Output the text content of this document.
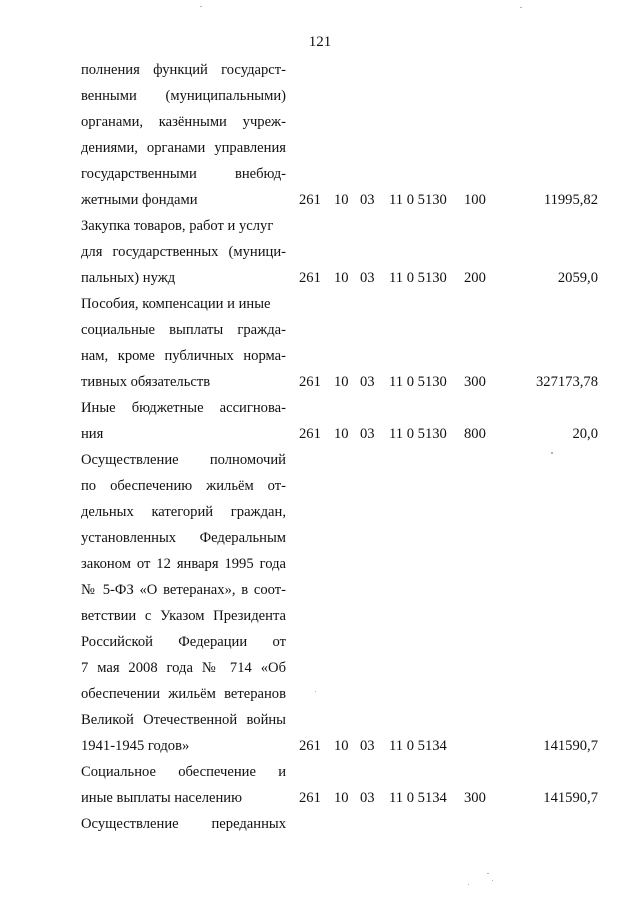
121
полнения функций государст-
венными (муниципальными)
органами, казёнными учреж-
дениями, органами управления
государственными внебюд-
жетными фондами	261 10 03 11 0 5130 100	11995,82
Закупка товаров, работ и услуг
для государственных (муници-
пальных) нужд	261 10 03 11 0 5130 200	2059,0
Пособия, компенсации и иные
социальные выплаты гражда-
нам, кроме публичных норма-
тивных обязательств	261 10 03 11 0 5130 300	327173,78
Иные бюджетные ассигнова-
ния	261 10 03 11 0 5130 800	20,0
Осуществление полномочий
по обеспечению жильём от-
дельных категорий граждан,
установленных Федеральным
законом от 12 января 1995 года
№ 5-ФЗ «О ветеранах», в соот-
ветствии с Указом Президента
Российской Федерации от
7 мая 2008 года № 714 «Об
обеспечении жильём ветеранов
Великой Отечественной войны
1941-1945 годов»	261 10 03 11 0 5134	141590,7
Социальное обеспечение и
иные выплаты населению	261 10 03 11 0 5134 300	141590,7
Осуществление переданных
